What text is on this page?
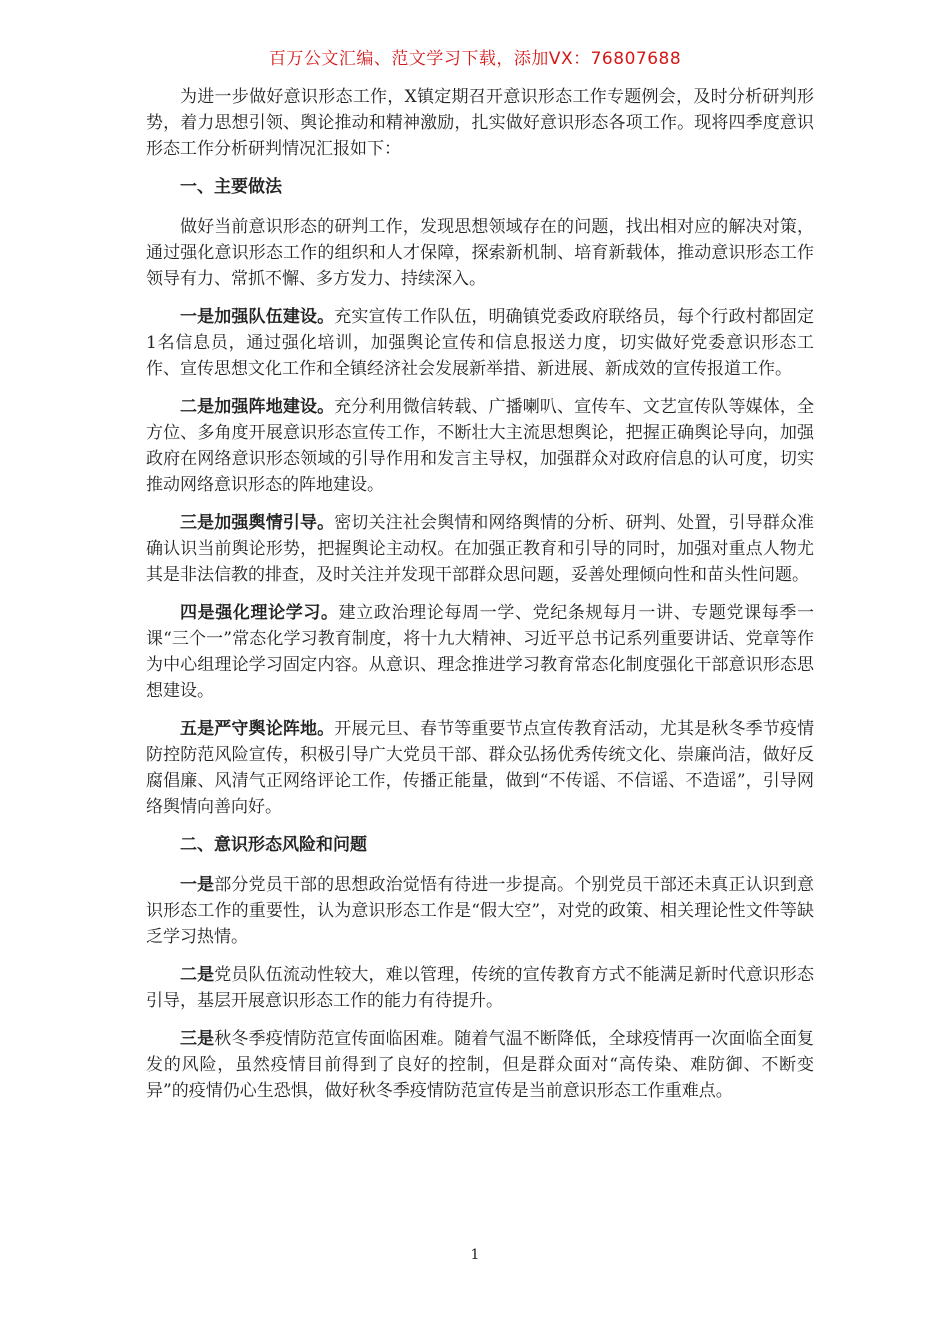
百万公文汇编、范文学习下载，添加VX：76807688

为进一步做好意识形态工作，X镇定期召开意识形态工作专题例会，及时分析研判形势，着力思想引领、舆论推动和精神激励，扎实做好意识形态各项工作。现将四季度意识形态工作分析研判情况汇报如下：

一、主要做法

做好当前意识形态的研判工作，发现思想领域存在的问题，找出相对应的解决对策，通过强化意识形态工作的组织和人才保障，探索新机制、培育新载体，推动意识形态工作领导有力、常抓不懈、多方发力、持续深入。

一是加强队伍建设。充实宣传工作队伍，明确镇党委政府联络员，每个行政村都固定1名信息员，通过强化培训，加强舆论宣传和信息报送力度，切实做好党委意识形态工作、宣传思想文化工作和全镇经济社会发展新举措、新进展、新成效的宣传报道工作。

二是加强阵地建设。充分利用微信转载、广播喇叭、宣传车、文艺宣传队等媒体，全方位、多角度开展意识形态宣传工作，不断壮大主流思想舆论，把握正确舆论导向，加强政府在网络意识形态领域的引导作用和发言主导权，加强群众对政府信息的认可度，切实推动网络意识形态的阵地建设。

三是加强舆情引导。密切关注社会舆情和网络舆情的分析、研判、处置，引导群众准确认识当前舆论形势，把握舆论主动权。在加强正教育和引导的同时，加强对重点人物尤其是非法信教的排查，及时关注并发现干部群众思问题，妥善处理倾向性和苗头性问题。

四是强化理论学习。建立政治理论每周一学、党纪条规每月一讲、专题党课每季一课“三个一”常态化学习教育制度，将十九大精神、习近平总书记系列重要讲话、党章等作为中心组理论学习固定内容。从意识、理念推进学习教育常态化制度强化干部意识形态思想建设。

五是严守舆论阵地。开展元旦、春节等重要节点宣传教育活动，尤其是秋冬季节疫情防控防范风险宣传，积极引导广大党员干部、群众弘扬优秀传统文化、崇廉尚洁，做好反腐倡廉、风清气正网络评论工作，传播正能量，做到“不传谣、不信谣、不造谣”，引导网络舆情向善向好。

二、意识形态风险和问题

一是部分党员干部的思想政治觉悟有待进一步提高。个别党员干部还未真正认识到意识形态工作的重要性，认为意识形态工作是“假大空”，对党的政策、相关理论性文件等缺乏学习热情。

二是党员队伍流动性较大，难以管理，传统的宣传教育方式不能满足新时代意识形态引导，基层开展意识形态工作的能力有待提升。

三是秋冬季疫情防范宣传面临困难。随着气温不断降低，全球疫情再一次面临全面复发的风险，虽然疫情目前得到了良好的控制，但是群众面对“高传染、难防御、不断变异”的疫情仍心生恐惧，做好秋冬季疫情防范宣传是当前意识形态工作重难点。

1
